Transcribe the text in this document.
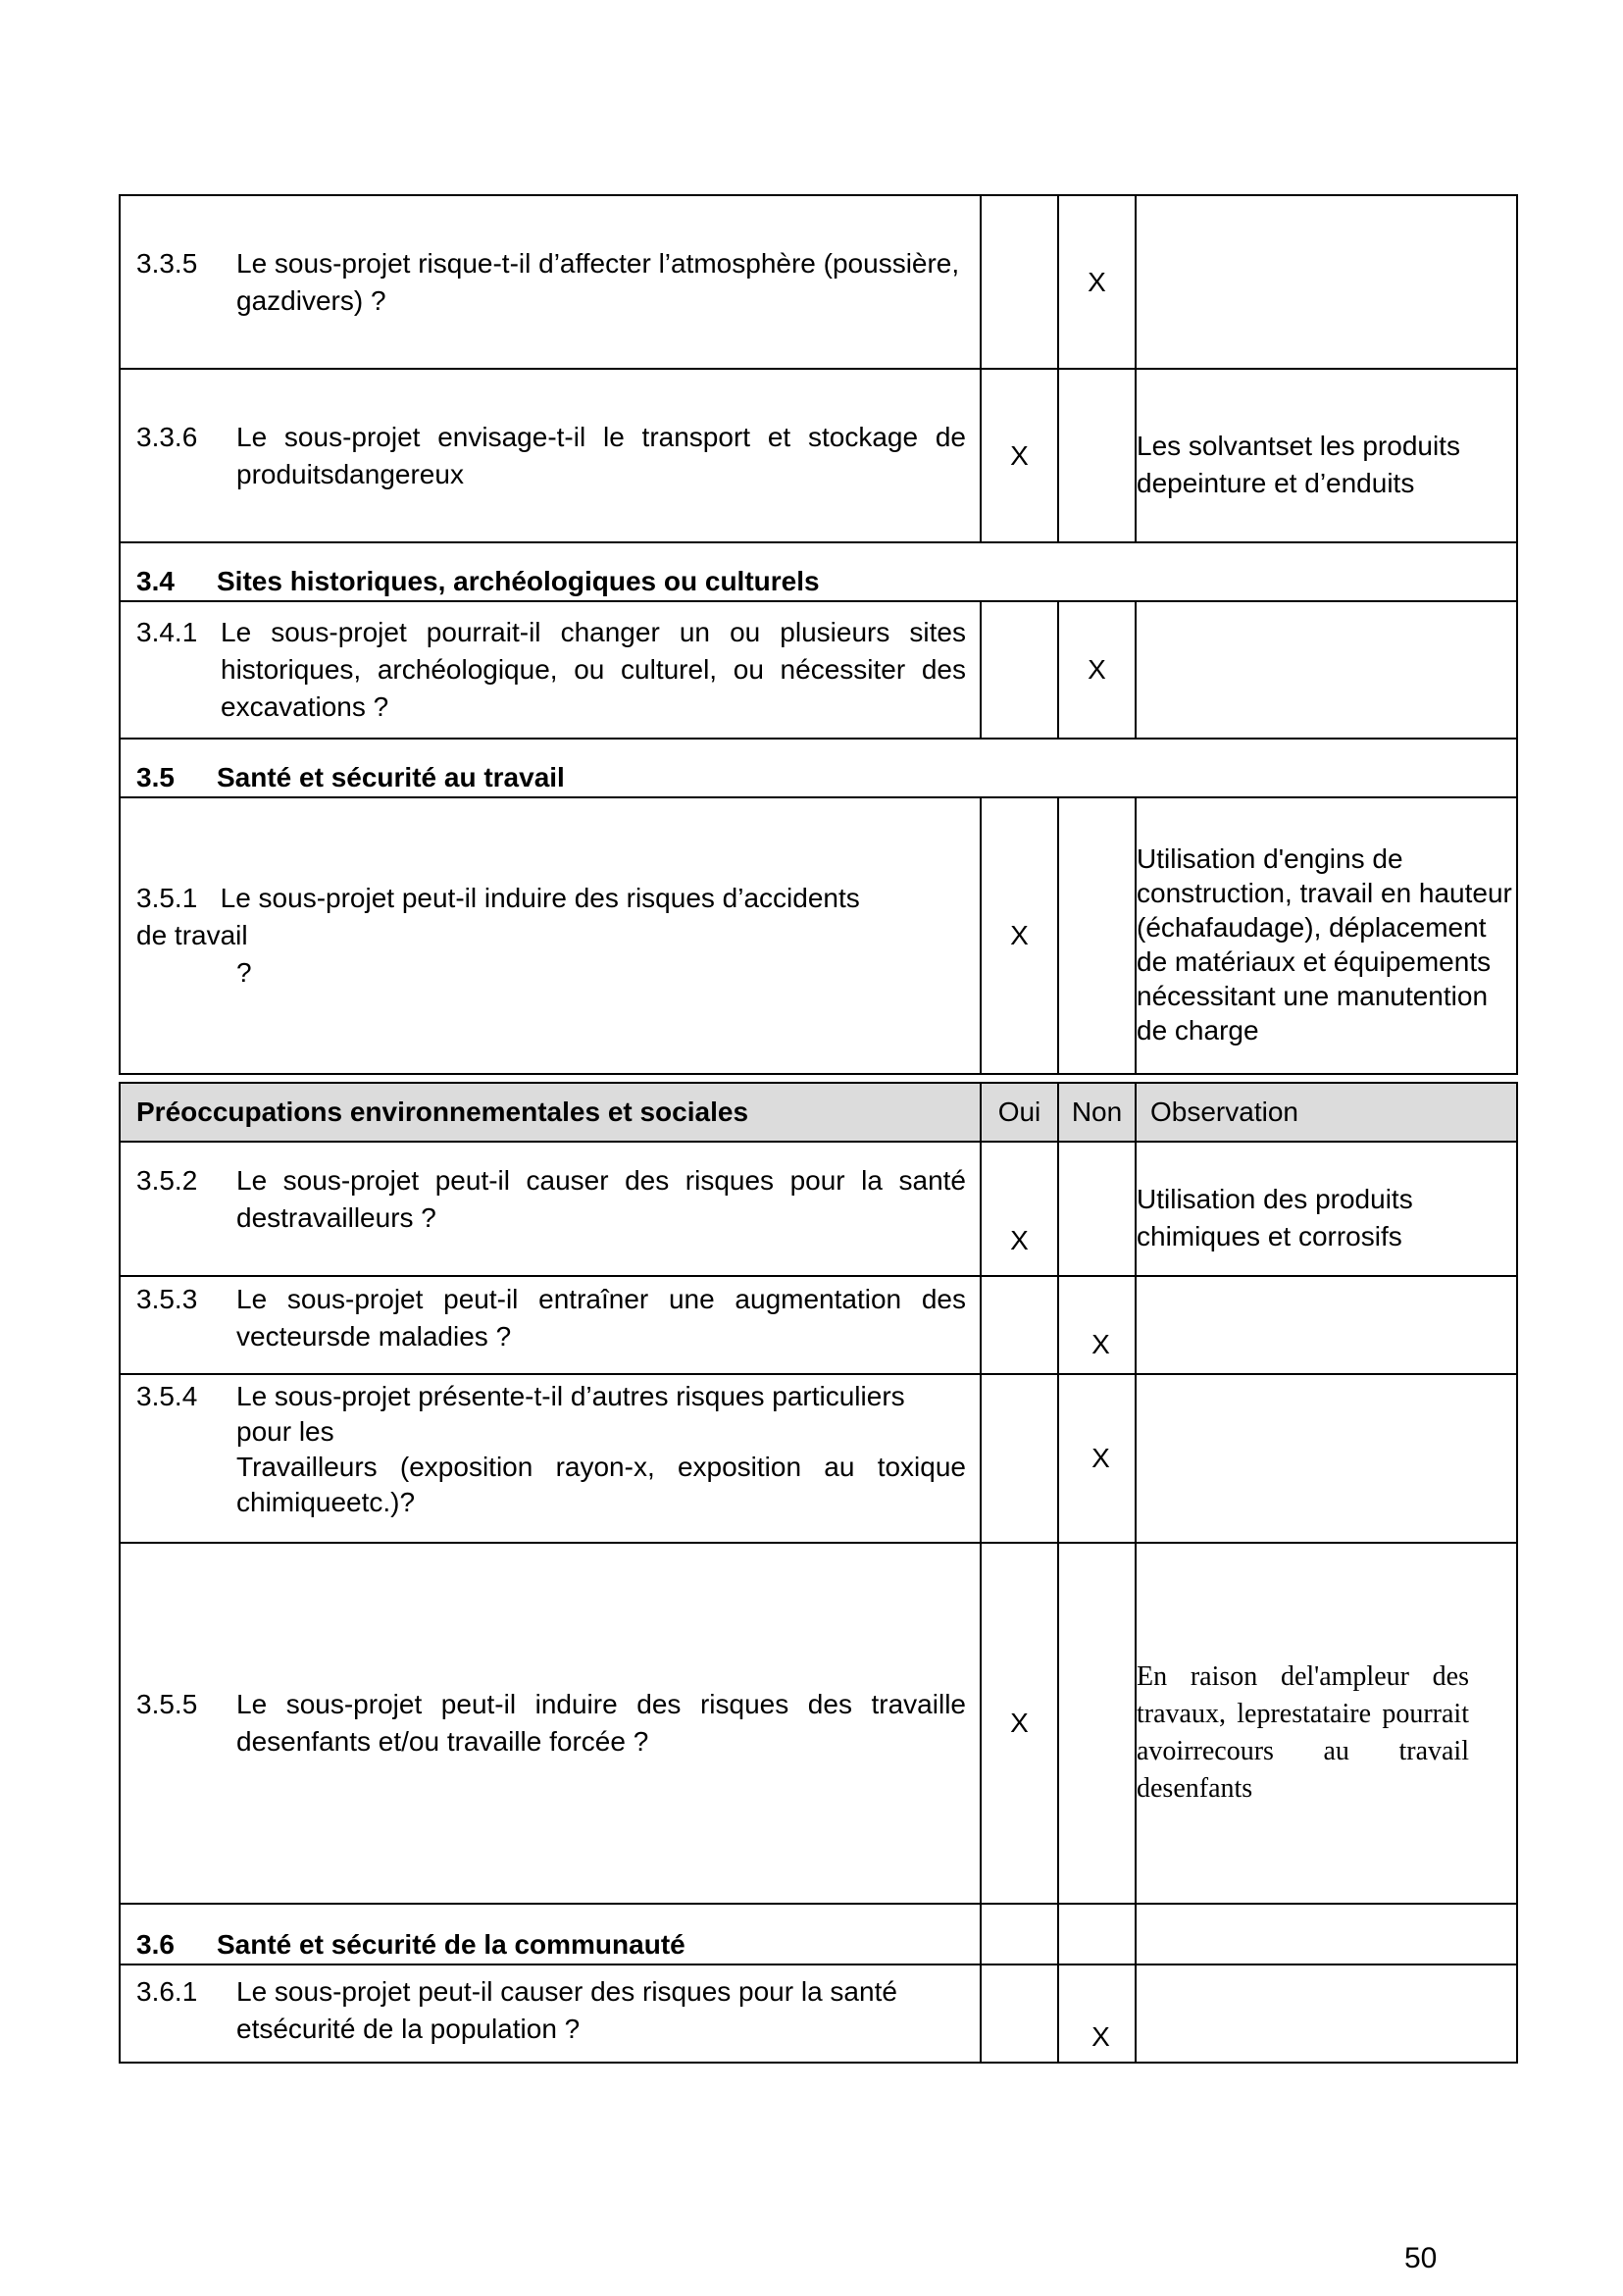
3.3.5 Le sous-projet risque-t-il d’affecter l’atmosphère (poussière, gazdivers) ?		X	

3.3.6 Le sous-projet envisage-t-il le transport et stockage de produitsdangereux	X		Les solvantset les produits depeinture et d’enduits
3.4 Sites historiques, archéologiques ou culturels			

3.4.1 Le sous-projet pourrait-il changer un ou plusieurs sites historiques, archéologique, ou culturel, ou nécessiter des excavations ?		X	
3.5 Santé et sécurité au travail			

3.5.1 Le sous-projet peut-il induire des risques d’accidents
de travail
?	X		Utilisation d'engins de construction, travail en hauteur (échafaudage), déplacement de matériaux et équipements nécessitant une manutention de charge
Préoccupations environnementales et sociales	Oui	Non	Observation

3.5.2 Le sous-projet peut-il causer des risques pour la santé destravailleurs ?	X		Utilisation des produits chimiques et corrosifs

3.5.3 Le sous-projet peut-il entraîner une augmentation des vecteursde maladies ?		X	

3.5.4 Le sous-projet présente-t-il d’autres risques particuliers pour les
Travailleurs (exposition rayon-x, exposition au toxique chimiqueetc.)?		X	

3.5.5 Le sous-projet peut-il induire des risques des travaille desenfants et/ou travaille forcée ?	X		En raison del'ampleur des travaux, leprestataire pourrait avoirrecours au travail desenfants
3.6 Santé et sécurité de la communauté			

3.6.1 Le sous-projet peut-il causer des risques pour la santé etsécurité de la population ?		X	
50
